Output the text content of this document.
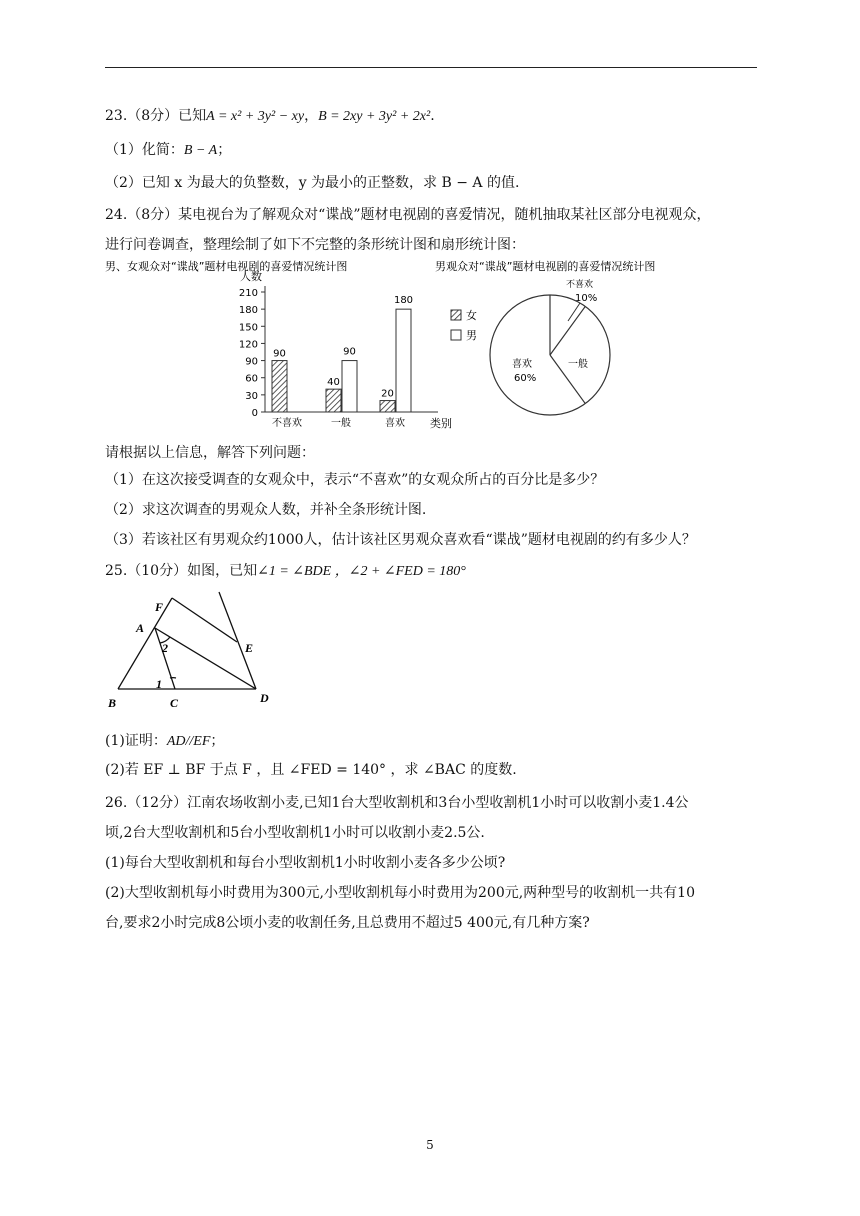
23.（8分）已知A = x² + 3y² − xy，B = 2xy + 3y² + 2x².
（1）化简：B − A；
（2）已知 x 为最大的负整数，y 为最小的正整数，求 B − A 的值.
24.（8分）某电视台为了解观众对“谍战”题材电视剧的喜爱情况，随机抽取某社区部分电视观众，
进行问卷调查，整理绘制了如下不完整的条形统计图和扇形统计图：
男、女观众对“谍战”题材电视剧的喜爱情况统计图
人数
0
30
60
90
120
150
180
210
90
40
90
20
180
不喜欢	一般	喜欢 类别
女
男
男观众对“谍战”题材电视剧的喜爱情况统计图
不喜欢
10%
一般
喜欢
60%
请根据以上信息，解答下列问题：
（1）在这次接受调查的女观众中，表示“不喜欢”的女观众所占的百分比是多少？
（2）求这次调查的男观众人数，并补全条形统计图.
（3）若该社区有男观众约1000人，估计该社区男观众喜欢看“谍战”题材电视剧的约有多少人？
25.（10分）如图，已知∠1 = ∠BDE ，∠2 + ∠FED = 180°
F
A
E
2
1
B	C	D
(1)证明：AD//EF；
(2)若 EF ⊥ BF 于点 F ，且 ∠FED = 140° ，求 ∠BAC 的度数.
26.（12分）江南农场收割小麦,已知1台大型收割机和3台小型收割机1小时可以收割小麦1.4公
顷,2台大型收割机和5台小型收割机1小时可以收割小麦2.5公.
(1)每台大型收割机和每台小型收割机1小时收割小麦各多少公顷?
(2)大型收割机每小时费用为300元,小型收割机每小时费用为200元,两种型号的收割机一共有10
台,要求2小时完成8公顷小麦的收割任务,且总费用不超过5 400元,有几种方案?
5
